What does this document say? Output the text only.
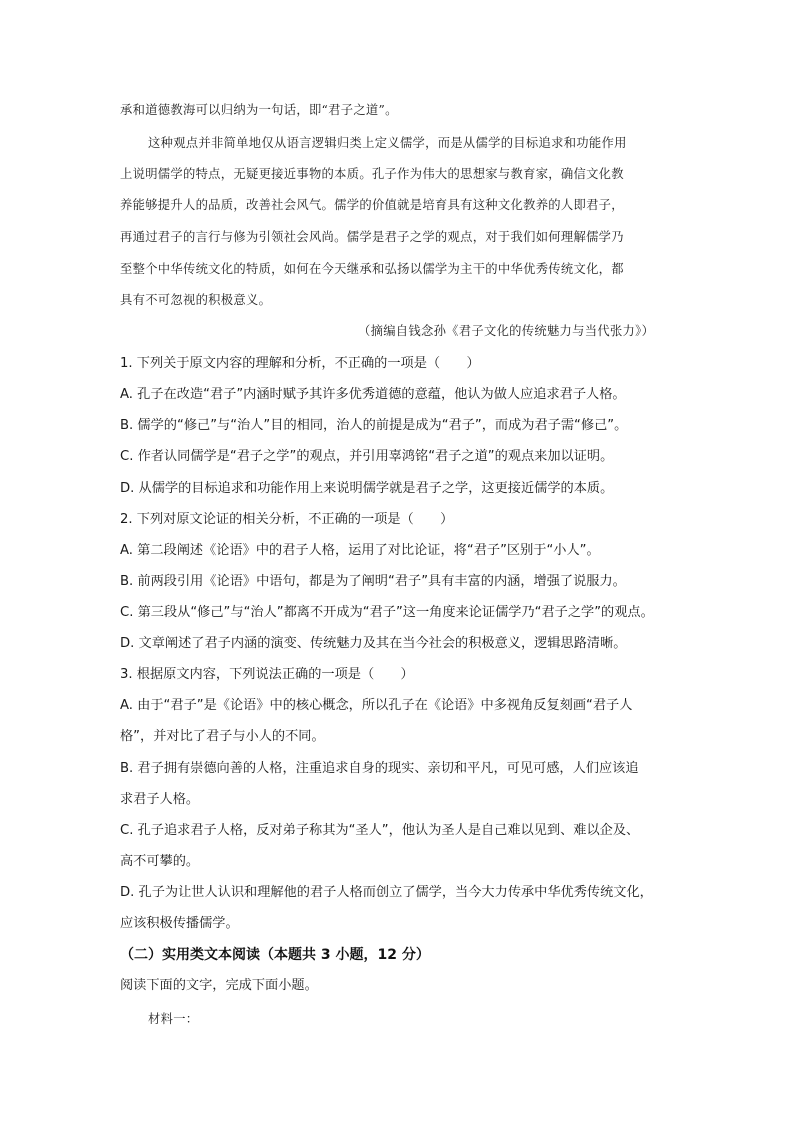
承和道德教海可以归纳为一句话，即“君子之道”。
这种观点并非简单地仅从语言逻辑归类上定义儒学，而是从儒学的目标追求和功能作用
上说明儒学的特点，无疑更接近事物的本质。孔子作为伟大的思想家与教育家，确信文化教
养能够提升人的品质，改善社会风气。儒学的价值就是培育具有这种文化教养的人即君子，
再通过君子的言行与修为引领社会风尚。儒学是君子之学的观点，对于我们如何理解儒学乃
至整个中华传统文化的特质，如何在今天继承和弘扬以儒学为主干的中华优秀传统文化，都
具有不可忽视的积极意义。
（摘编自钱念孙《君子文化的传统魅力与当代张力》）
1. 下列关于原文内容的理解和分析，不正确的一项是（　　）
A. 孔子在改造“君子”内涵时赋予其许多优秀道德的意蕴，他认为做人应追求君子人格。
B. 儒学的“修己”与“治人”目的相同，治人的前提是成为“君子”，而成为君子需“修己”。
C. 作者认同儒学是“君子之学”的观点，并引用辜鸿铭“君子之道”的观点来加以证明。
D. 从儒学的目标追求和功能作用上来说明儒学就是君子之学，这更接近儒学的本质。
2. 下列对原文论证的相关分析，不正确的一项是（　　）
A. 第二段阐述《论语》中的君子人格，运用了对比论证，将“君子”区别于“小人”。
B. 前两段引用《论语》中语句，都是为了阐明“君子”具有丰富的内涵，增强了说服力。
C. 第三段从“修己”与“治人”都离不开成为“君子”这一角度来论证儒学乃“君子之学”的观点。
D. 文章阐述了君子内涵的演变、传统魅力及其在当今社会的积极意义，逻辑思路清晰。
3. 根据原文内容，下列说法正确的一项是（　　）
A. 由于“君子”是《论语》中的核心概念，所以孔子在《论语》中多视角反复刻画“君子人
格”，并对比了君子与小人的不同。
B. 君子拥有崇德向善的人格，注重追求自身的现实、亲切和平凡，可见可感，人们应该追
求君子人格。
C. 孔子追求君子人格，反对弟子称其为“圣人”，他认为圣人是自己难以见到、难以企及、
高不可攀的。
D. 孔子为让世人认识和理解他的君子人格而创立了儒学，当今大力传承中华优秀传统文化，
应该积极传播儒学。
（二）实用类文本阅读（本题共 3 小题，12 分）
阅读下面的文字，完成下面小题。
材料一：
